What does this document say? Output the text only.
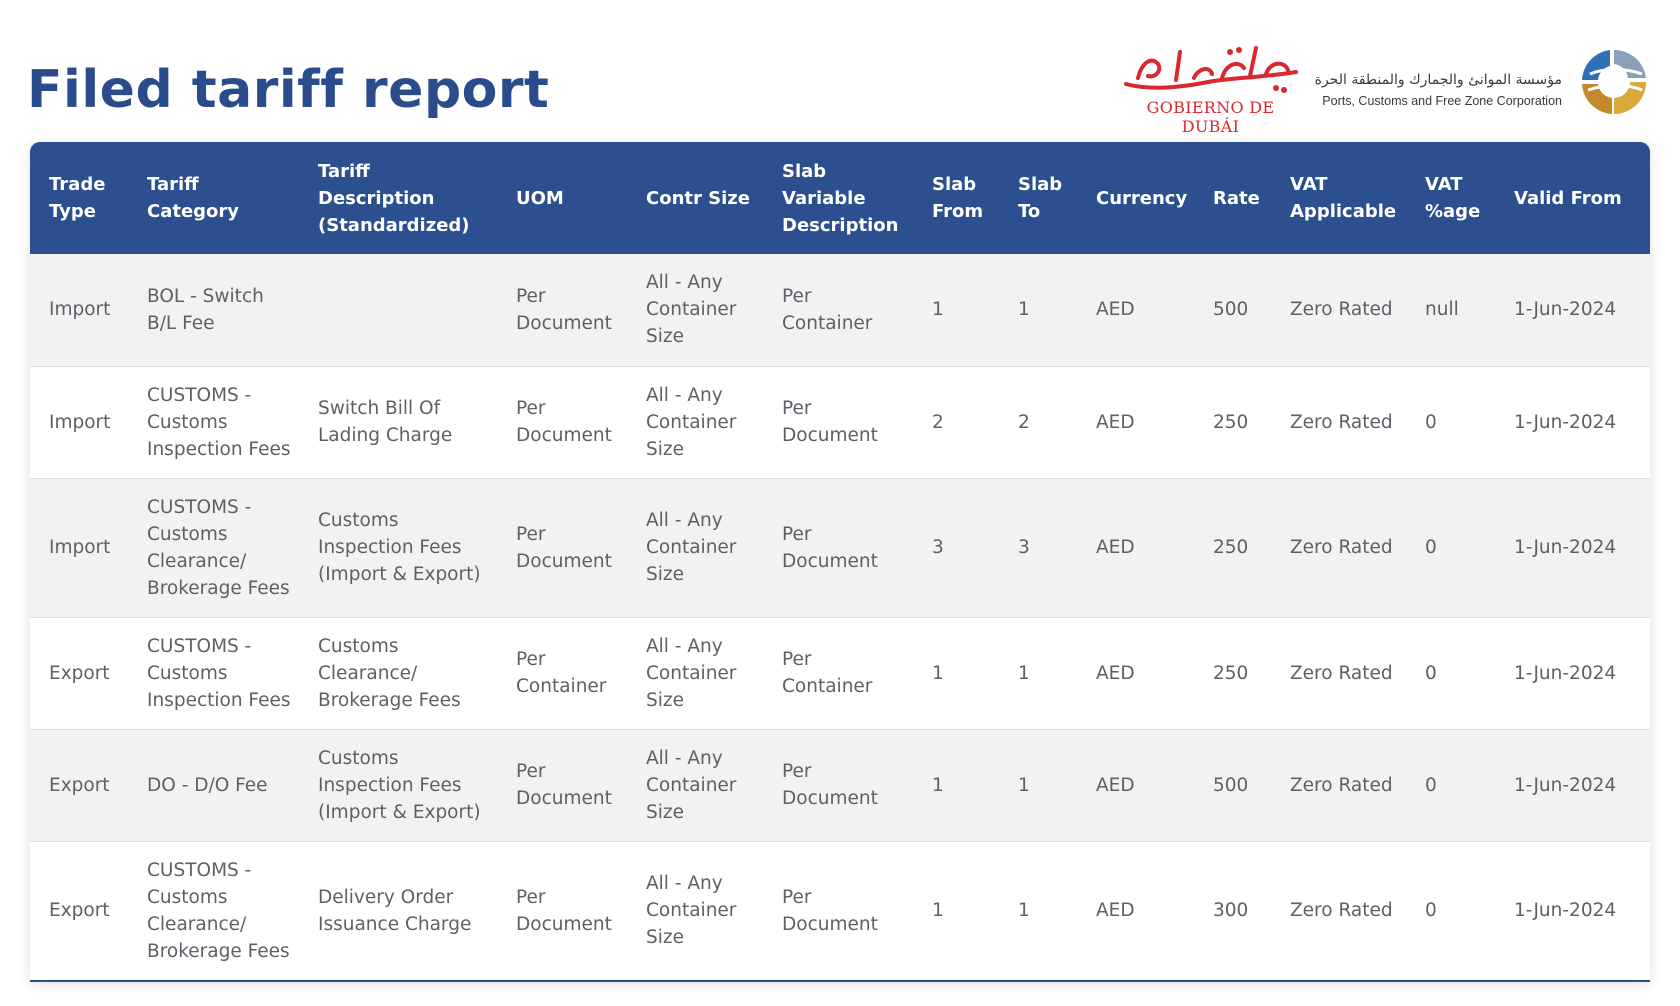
Filed tariff report	GOBIERNO DE DUBÁI
مؤسسة الموانئ والجمارك والمنطقة الحرة
Ports, Customs and Free Zone Corporation
Trade Type	Tariff Category	Tariff Description (Standardized)	UOM	Contr Size	Slab Variable Description	Slab From	Slab To	Currency	Rate	VAT Applicable	VAT %age	Valid From
Import	BOL - Switch B/L Fee		Per Document	All - Any Container Size	Per Container	1	1	AED	500	Zero Rated	null	1-Jun-2024
Import	CUSTOMS - Customs Inspection Fees	Switch Bill Of Lading Charge	Per Document	All - Any Container Size	Per Document	2	2	AED	250	Zero Rated	0	1-Jun-2024
Import	CUSTOMS - Customs Clearance/ Brokerage Fees	Customs Inspection Fees (Import & Export)	Per Document	All - Any Container Size	Per Document	3	3	AED	250	Zero Rated	0	1-Jun-2024
Export	CUSTOMS - Customs Inspection Fees	Customs Clearance/ Brokerage Fees	Per Container	All - Any Container Size	Per Container	1	1	AED	250	Zero Rated	0	1-Jun-2024
Export	DO - D/O Fee	Customs Inspection Fees (Import & Export)	Per Document	All - Any Container Size	Per Document	1	1	AED	500	Zero Rated	0	1-Jun-2024
Export	CUSTOMS - Customs Clearance/ Brokerage Fees	Delivery Order Issuance Charge	Per Document	All - Any Container Size	Per Document	1	1	AED	300	Zero Rated	0	1-Jun-2024
